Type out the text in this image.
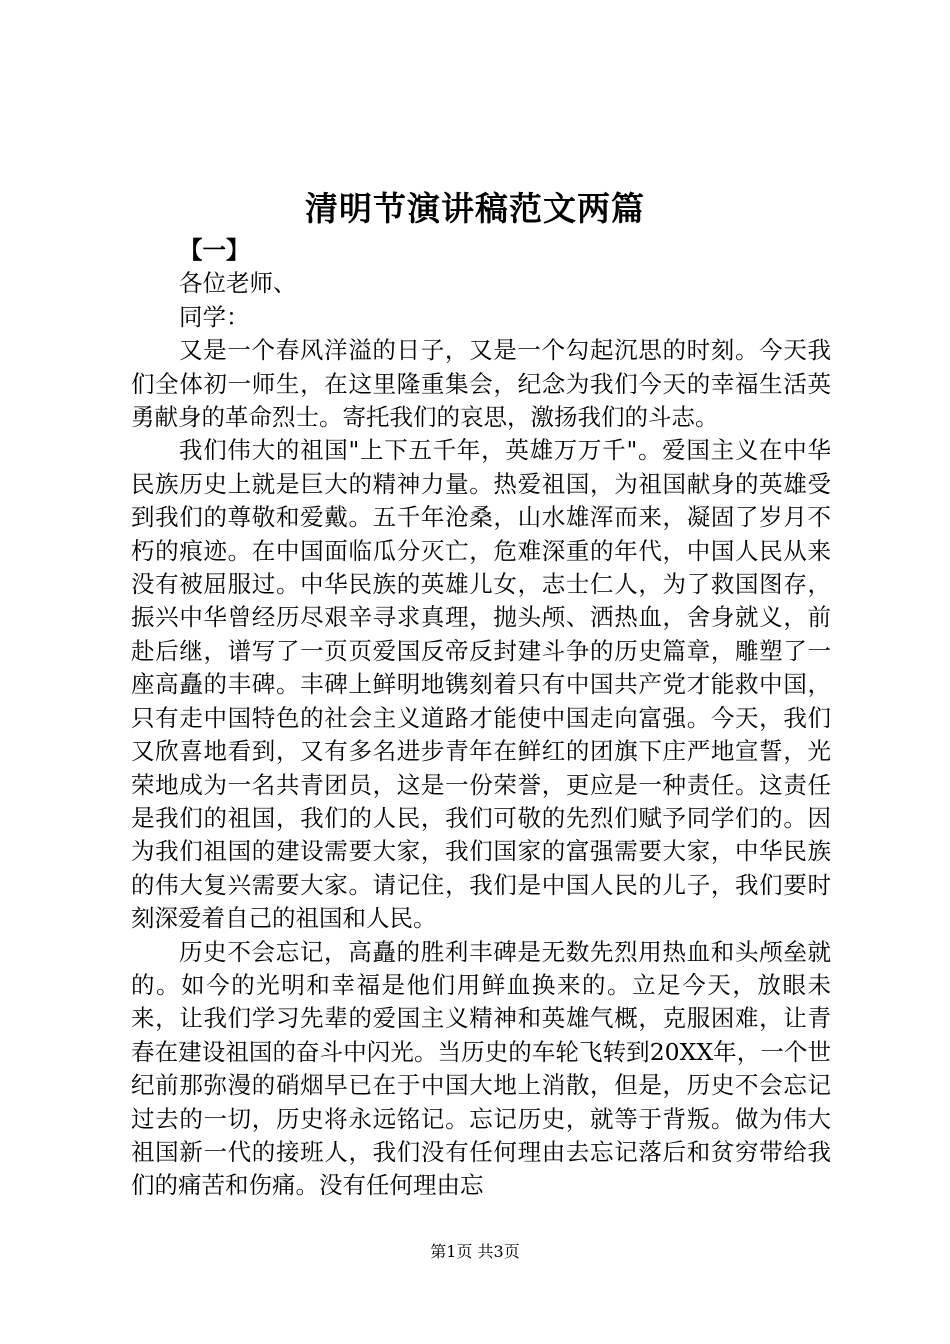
清明节演讲稿范文两篇
【一】
各位老师、
同学：

又是一个春风洋溢的日子，又是一个勾起沉思的时刻。今天我们全体初一师生，在这里隆重集会，纪念为我们今天的幸福生活英勇献身的革命烈士。寄托我们的哀思，激扬我们的斗志。

我们伟大的祖国"上下五千年，英雄万万千"。爱国主义在中华民族历史上就是巨大的精神力量。热爱祖国，为祖国献身的英雄受到我们的尊敬和爱戴。五千年沧桑，山水雄浑而来，凝固了岁月不朽的痕迹。在中国面临瓜分灭亡，危难深重的年代，中国人民从来没有被屈服过。中华民族的英雄儿女，志士仁人，为了救国图存，振兴中华曾经历尽艰辛寻求真理，抛头颅、洒热血，舍身就义，前赴后继，谱写了一页页爱国反帝反封建斗争的历史篇章，雕塑了一座高矗的丰碑。丰碑上鲜明地镌刻着只有中国共产党才能救中国，只有走中国特色的社会主义道路才能使中国走向富强。今天，我们又欣喜地看到，又有多名进步青年在鲜红的团旗下庄严地宣誓，光荣地成为一名共青团员，这是一份荣誉，更应是一种责任。这责任是我们的祖国，我们的人民，我们可敬的先烈们赋予同学们的。因为我们祖国的建设需要大家，我们国家的富强需要大家，中华民族的伟大复兴需要大家。请记住，我们是中国人民的儿子，我们要时刻深爱着自己的祖国和人民。

历史不会忘记，高矗的胜利丰碑是无数先烈用热血和头颅垒就的。如今的光明和幸福是他们用鲜血换来的。立足今天，放眼未来，让我们学习先辈的爱国主义精神和英雄气概，克服困难，让青春在建设祖国的奋斗中闪光。当历史的车轮飞转到20XX年，一个世纪前那弥漫的硝烟早已在于中国大地上消散，但是，历史不会忘记过去的一切，历史将永远铭记。忘记历史，就等于背叛。做为伟大祖国新一代的接班人，我们没有任何理由去忘记落后和贫穷带给我们的痛苦和伤痛。没有任何理由忘

第1页 共3页
